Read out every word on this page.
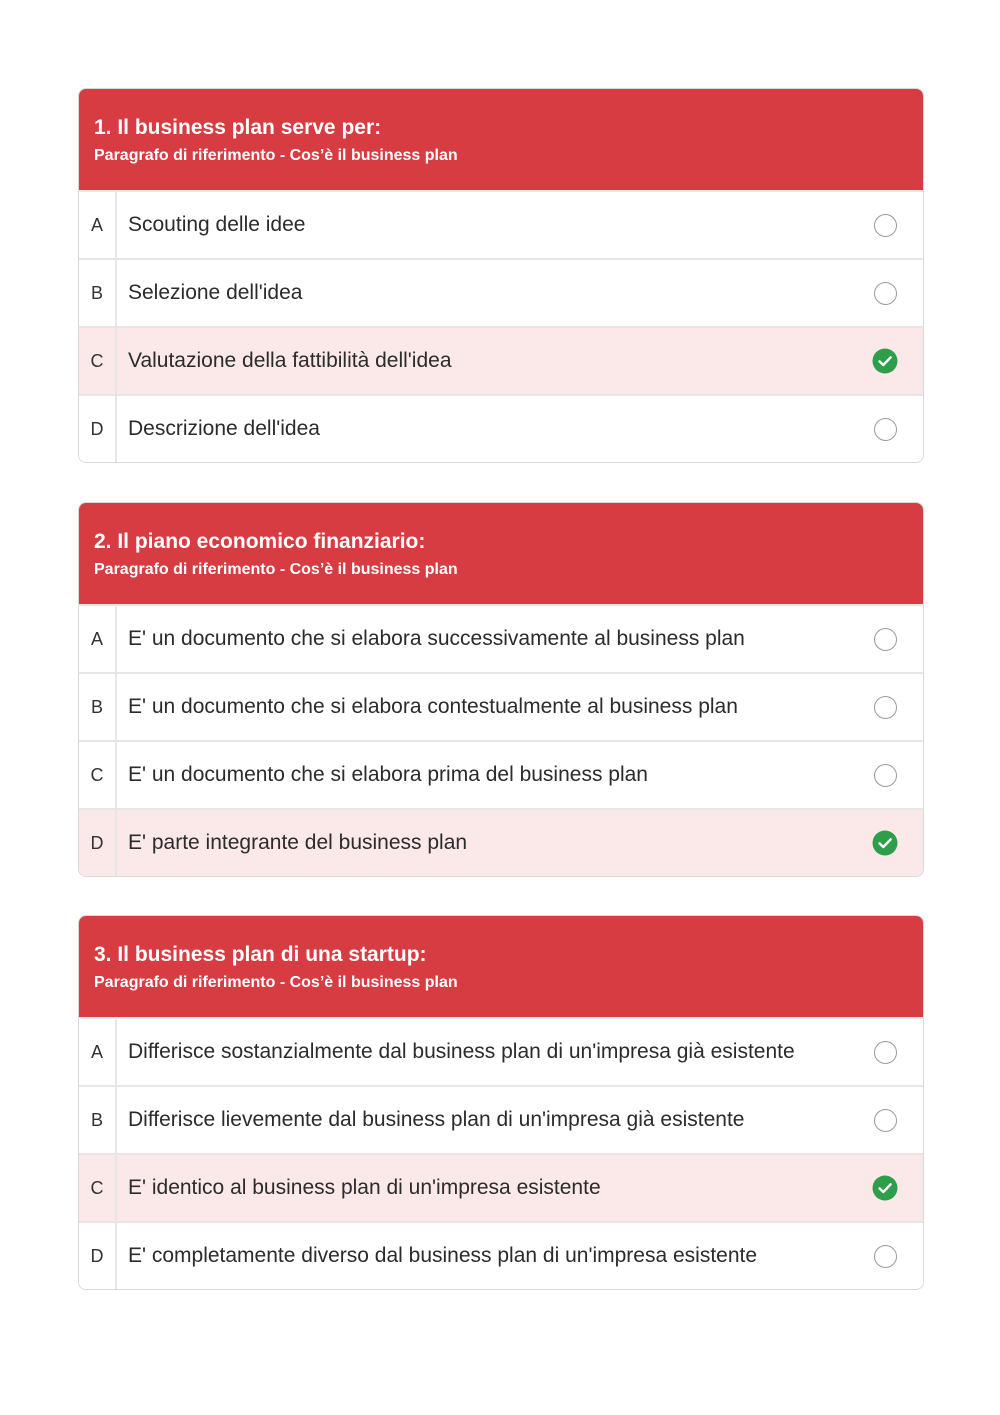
1. Il business plan serve per:
Paragrafo di riferimento - Cos’è il business plan
A	Scouting delle idee
B	Selezione dell'idea
C	Valutazione della fattibilità dell'idea
D	Descrizione dell'idea
2. Il piano economico finanziario:
Paragrafo di riferimento - Cos’è il business plan
A	E' un documento che si elabora successivamente al business plan
B	E' un documento che si elabora contestualmente al business plan
C	E' un documento che si elabora prima del business plan
D	E' parte integrante del business plan
3. Il business plan di una startup:
Paragrafo di riferimento - Cos’è il business plan
A	Differisce sostanzialmente dal business plan di un'impresa già esistente
B	Differisce lievemente dal business plan di un'impresa già esistente
C	E' identico al business plan di un'impresa esistente
D	E' completamente diverso dal business plan di un'impresa esistente
